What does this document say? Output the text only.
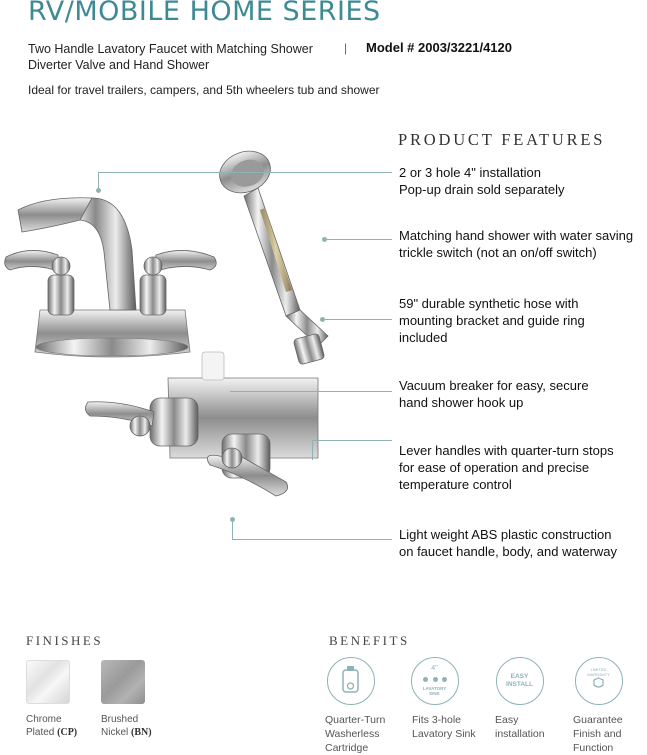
RV/MOBILE HOME SERIES
Two Handle Lavatory Faucet with Matching Shower
Diverter Valve and Hand Shower
| Model # 2003/3221/4120
Ideal for travel trailers, campers, and 5th wheelers tub and shower
PRODUCT FEATURES
2 or 3 hole 4" installation
Pop-up drain sold separately
Matching hand shower with water saving
trickle switch (not an on/off switch)
59" durable synthetic hose with
mounting bracket and guide ring
included
Vacuum breaker for easy, secure
hand shower hook up
Lever handles with quarter-turn stops
for ease of operation and precise
temperature control
Light weight ABS plastic construction
on faucet handle, body, and waterway
FINISHES
Chrome
Plated (CP)
Brushed
Nickel (BN)
BENEFITS
Quarter-Turn
Washerless
Cartridge
4"
LAVATORY SINK
Fits 3-hole
Lavatory Sink
EASY INSTALL
Easy
installation
LIMITED WARRANTY
Guarantee
Finish and
Function
